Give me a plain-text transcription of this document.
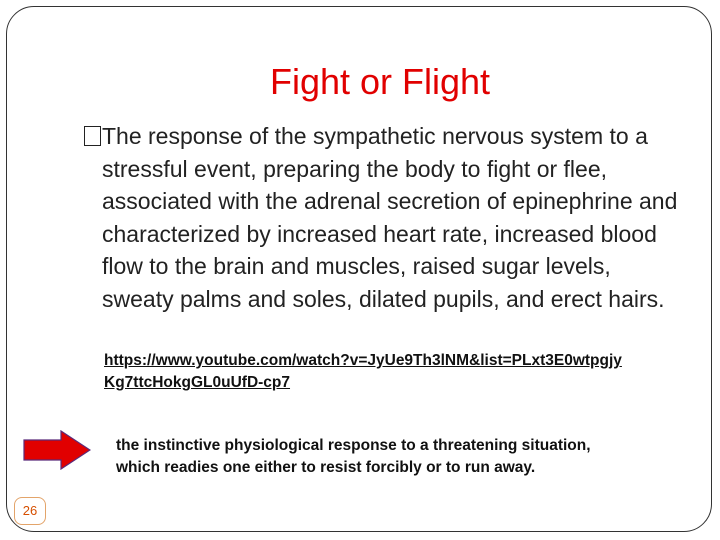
Fight or Flight

The response of the sympathetic nervous system to a stressful event, preparing the body to fight or flee, associated with the adrenal secretion of epinephrine and characterized by increased heart rate, increased blood flow to the brain and muscles, raised sugar levels, sweaty palms and soles, dilated pupils, and erect hairs.

https://www.youtube.com/watch?v=JyUe9Th3lNM&list=PLxt3E0wtpgjyKg7ttcHokgGL0uUfD-cp7
the instinctive physiological response to a threatening situation, which readies one either to resist forcibly or to run away.
26
